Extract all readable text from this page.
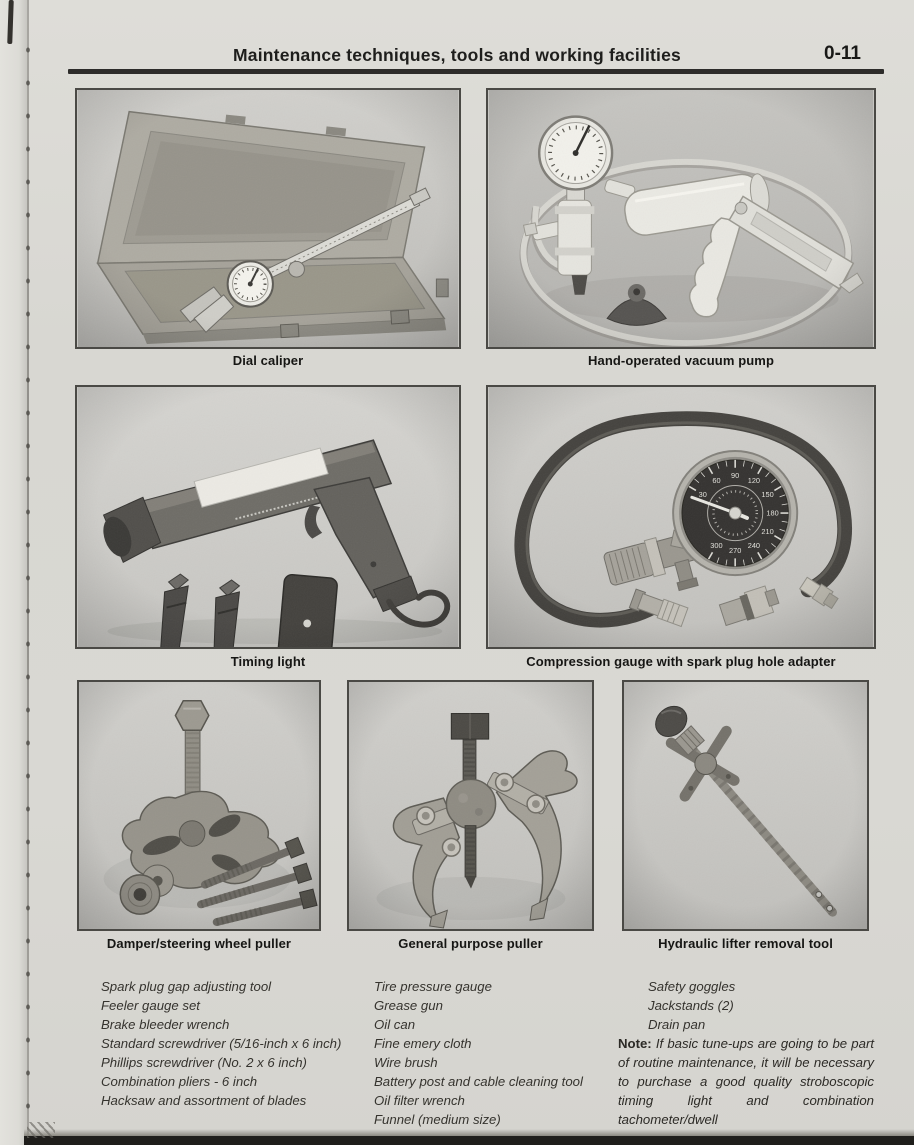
Maintenance techniques, tools and working facilities	0-11
Dial caliper	Hand-operated vacuum pump
Timing light	Compression gauge with spark plug hole adapter
Damper/steering wheel puller	General purpose puller	Hydraulic lifter removal tool
Spark plug gap adjusting tool
Feeler gauge set
Brake bleeder wrench
Standard screwdriver (5/16-inch x 6 inch)
Phillips screwdriver (No. 2 x 6 inch)
Combination pliers - 6 inch
Hacksaw and assortment of blades
Tire pressure gauge
Grease gun
Oil can
Fine emery cloth
Wire brush
Battery post and cable cleaning tool
Oil filter wrench
Funnel (medium size)
Safety goggles
Jackstands (2)
Drain pan

Note: If basic tune-ups are going to be part of routine maintenance, it will be necessary to purchase a good quality stroboscopic timing light and combination tachometer/dwell
